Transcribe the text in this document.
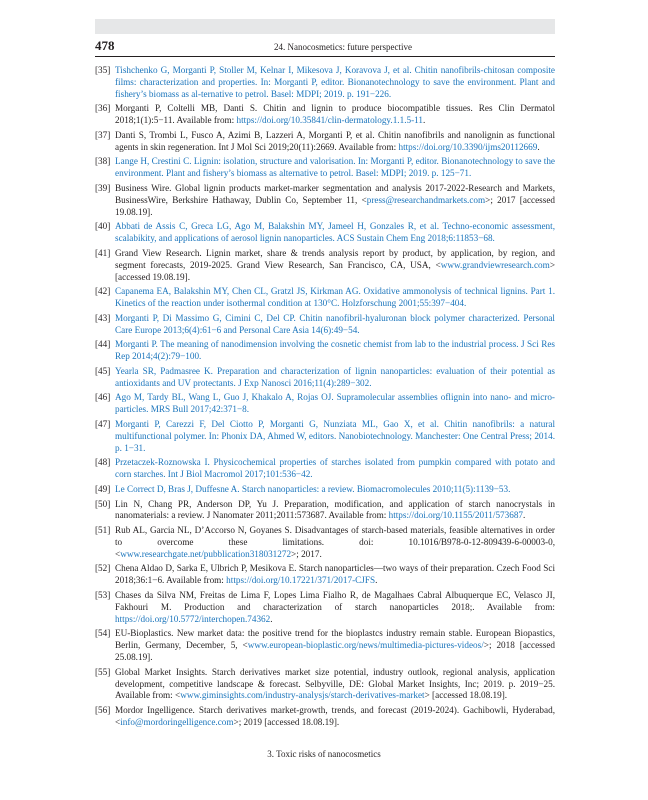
478	24. Nanocosmetics: future perspective
[35] Tishchenko G, Morganti P, Stoller M, Kelnar I, Mikesova J, Koravova J, et al. Chitin nanofibrils-chitosan composite films: characterization and properties. In: Morganti P, editor. Bionanotechnology to save the environment. Plant and fishery’s biomass as al-ternative to petrol. Basel: MDPI; 2019. p. 191−226.
[36] Morganti P, Coltelli MB, Danti S. Chitin and lignin to produce biocompatible tissues. Res Clin Dermatol 2018;1(1):5−11. Available from: https://doi.org/10.35841/clin-dermatology.1.1.5-11.
[37] Danti S, Trombi L, Fusco A, Azimi B, Lazzeri A, Morganti P, et al. Chitin nanofibrils and nanolignin as functional agents in skin regeneration. Int J Mol Sci 2019;20(11):2669. Available from: https://doi.org/10.3390/ijms20112669.
[38] Lange H, Crestini C. Lignin: isolation, structure and valorisation. In: Morganti P, editor. Bionanotechnology to save the environment. Plant and fishery’s biomass as alternative to petrol. Basel: MDPI; 2019. p. 125−71.
[39] Business Wire. Global lignin products market-marker segmentation and analysis 2017-2022-Research and Markets, BusinessWire, Berkshire Hathaway, Dublin Co, September 11, <press@researchandmarkets.com>; 2017 [accessed 19.08.19].
[40] Abbati de Assis C, Greca LG, Ago M, Balakshin MY, Jameel H, Gonzales R, et al. Techno-economic assessment, scalabikity, and applications of aerosol lignin nanoparticles. ACS Sustain Chem Eng 2018;6:11853−68.
[41] Grand View Research. Lignin market, share & trends analysis report by product, by application, by region, and segment forecasts, 2019-2025. Grand View Research, San Francisco, CA, USA, <www.grandviewresearch.com> [accessed 19.08.19].
[42] Capanema EA, Balakshin MY, Chen CL, Gratzl JS, Kirkman AG. Oxidative ammonolysis of technical lignins. Part 1. Kinetics of the reaction under isothermal condition at 130°C. Holzforschung 2001;55:397−404.
[43] Morganti P, Di Massimo G, Cimini C, Del CP. Chitin nanofibril-hyaluronan block polymer characterized. Personal Care Europe 2013;6(4):61−6 and Personal Care Asia 14(6):49−54.
[44] Morganti P. The meaning of nanodimension involving the cosnetic chemist from lab to the industrial process. J Sci Res Rep 2014;4(2):79−100.
[45] Yearla SR, Padmasree K. Preparation and characterization of lignin nanoparticles: evaluation of their potential as antioxidants and UV protectants. J Exp Nanosci 2016;11(4):289−302.
[46] Ago M, Tardy BL, Wang L, Guo J, Khakalo A, Rojas OJ. Supramolecular assemblies oflignin into nano- and micro-particles. MRS Bull 2017;42:371−8.
[47] Morganti P, Carezzi F, Del Ciotto P, Morganti G, Nunziata ML, Gao X, et al. Chitin nanofibrils: a natural multifunctional polymer. In: Phonix DA, Ahmed W, editors. Nanobiotechnology. Manchester: One Central Press; 2014. p. 1−31.
[48] Przetaczek-Roznowska I. Physicochemical properties of starches isolated from pumpkin compared with potato and corn starches. Int J Biol Macromol 2017;101:536−42.
[49] Le Correct D, Bras J, Duffesne A. Starch nanoparticles: a review. Biomacromolecules 2010;11(5):1139−53.
[50] Lin N, Chang PR, Anderson DP, Yu J. Preparation, modification, and application of starch nanocrystals in nanomaterials: a review. J Nanomater 2011;2011:573687. Available from: https://doi.org/10.1155/2011/573687.
[51] Rub AL, Garcia NL, D’Accorso N, Goyanes S. Disadvantages of starch-based materials, feasible alternatives in order to overcome these limitations. doi: 10.1016/B978-0-12-809439-6-00003-0, <www.researchgate.net/pubblication318031272>; 2017.
[52] Chena Aldao D, Sarka E, Ulbrich P, Mesikova E. Starch nanoparticles—two ways of their preparation. Czech Food Sci 2018;36:1−6. Available from: https://doi.org/10.17221/371/2017-CJFS.
[53] Chases da Silva NM, Freitas de Lima F, Lopes Lima Fialho R, de Magalhaes Cabral Albuquerque EC, Velasco JI, Fakhouri M. Production and characterization of starch nanoparticles 2018;. Available from: https://doi.org/10.5772/interchopen.74362.
[54] EU-Bioplastics. New market data: the positive trend for the bioplastcs industry remain stable. European Biopastics, Berlin, Germany, December, 5, <www.european-bioplastic.org/news/multimedia-pictures-videos/>; 2018 [accessed 25.08.19].
[55] Global Market Insights. Starch derivatives market size potential, industry outlook, regional analysis, application development, competitive landscape & forecast. Selbyville, DE: Global Market Insights, Inc; 2019. p. 2019−25. Available from: <www.giminsights.com/industry-analysjs/starch-derivatives-market> [accessed 18.08.19].
[56] Mordor Ingelligence. Starch derivatives market-growth, trends, and forecast (2019-2024). Gachibowli, Hyderabad, <info@mordoringelligence.com>; 2019 [accessed 18.08.19].
3. Toxic risks of nanocosmetics
